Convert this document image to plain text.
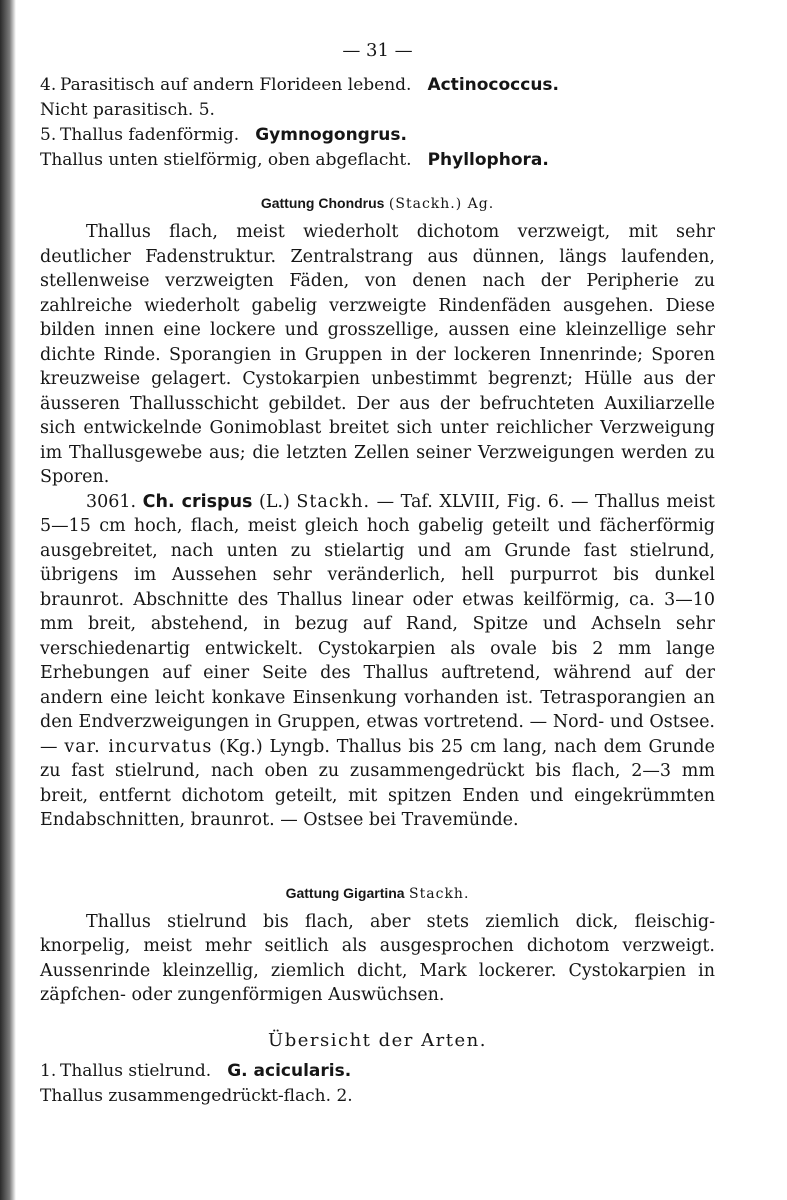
— 31 —

4. Parasitisch auf andern Florideen lebend. Actinococcus.

Nicht parasitisch. 5.

5. Thallus fadenförmig. Gymnogongrus.

Thallus unten stielförmig, oben abgeflacht. Phyllophora.

Gattung Chondrus (Stackh.) Ag.

Thallus flach, meist wiederholt dichotom verzweigt, mit sehr deutlicher Fadenstruktur. Zentralstrang aus dünnen, längs laufenden, stellenweise verzweigten Fäden, von denen nach der Peripherie zu zahlreiche wiederholt gabelig verzweigte Rindenfäden ausgehen. Diese bilden innen eine lockere und grosszellige, aussen eine kleinzellige sehr dichte Rinde. Sporangien in Gruppen in der lockeren Innenrinde; Sporen kreuzweise gelagert. Cystokarpien unbestimmt begrenzt; Hülle aus der äusseren Thallusschicht gebildet. Der aus der befruchteten Auxiliarzelle sich entwickelnde Gonimoblast breitet sich unter reichlicher Verzweigung im Thallusgewebe aus; die letzten Zellen seiner Verzweigungen werden zu Sporen.

3061. Ch. crispus (L.) Stackh. — Taf. XLVIII, Fig. 6. — Thallus meist 5—15 cm hoch, flach, meist gleich hoch gabelig geteilt und fächerförmig ausgebreitet, nach unten zu stielartig und am Grunde fast stielrund, übrigens im Aussehen sehr veränderlich, hell purpurrot bis dunkel braunrot. Abschnitte des Thallus linear oder etwas keilförmig, ca. 3—10 mm breit, abstehend, in bezug auf Rand, Spitze und Achseln sehr verschiedenartig entwickelt. Cystokarpien als ovale bis 2 mm lange Erhebungen auf einer Seite des Thallus auftretend, während auf der andern eine leicht konkave Einsenkung vorhanden ist. Tetrasporangien an den Endverzweigungen in Gruppen, etwas vortretend. — Nord- und Ostsee. — var. incurvatus (Kg.) Lyngb. Thallus bis 25 cm lang, nach dem Grunde zu fast stielrund, nach oben zu zusammengedrückt bis flach, 2—3 mm breit, entfernt dichotom geteilt, mit spitzen Enden und eingekrümmten Endabschnitten, braunrot. — Ostsee bei Travemünde.

Gattung Gigartina Stackh.

Thallus stielrund bis flach, aber stets ziemlich dick, fleischig-knorpelig, meist mehr seitlich als ausgesprochen dichotom verzweigt. Aussenrinde kleinzellig, ziemlich dicht, Mark lockerer. Cystokarpien in zäpfchen- oder zungenförmigen Auswüchsen.

Übersicht der Arten.

1. Thallus stielrund. G. acicularis.

Thallus zusammengedrückt-flach. 2.
